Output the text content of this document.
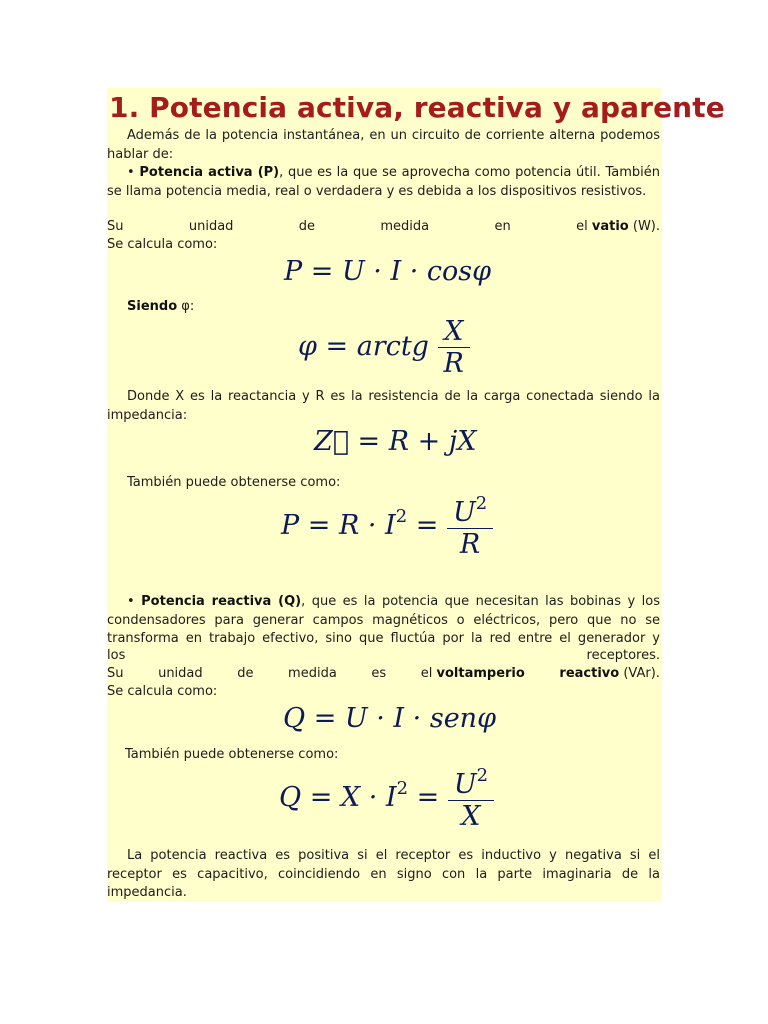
1. Potencia activa, reactiva y aparente

Además de la potencia instantánea, en un circuito de corriente alterna podemos hablar de:

• Potencia activa (P), que es la que se aprovecha como potencia útil. También se llama potencia media, real o verdadera y es debida a los dispositivos resistivos.

Su	unidad	de	medida	en	el vatio (W).

Se calcula como:

P = U · I · cosφ

Siendo φ:

φ = arctg $\frac{X}{R}$

Donde X es la reactancia y R es la resistencia de la carga conectada siendo la impedancia:

Z⃗ = R + jX

También puede obtenerse como:

$P = R \cdot I^2 = \frac{U^2}{R}$

• Potencia reactiva (Q), que es la potencia que necesitan las bobinas y los condensadores para generar campos magnéticos o eléctricos, pero que no se transforma en trabajo efectivo, sino que fluctúa por la red entre el generador y

los	receptores.
Su	unidad	de	medida	es	el voltamperio	reactivo (VAr).

Se calcula como:

Q = U · I · senφ

También puede obtenerse como:

$Q = X \cdot I^2 = \frac{U^2}{X}$

La potencia reactiva es positiva si el receptor es inductivo y negativa si el receptor es capacitivo, coincidiendo en signo con la parte imaginaria de la impedancia.
